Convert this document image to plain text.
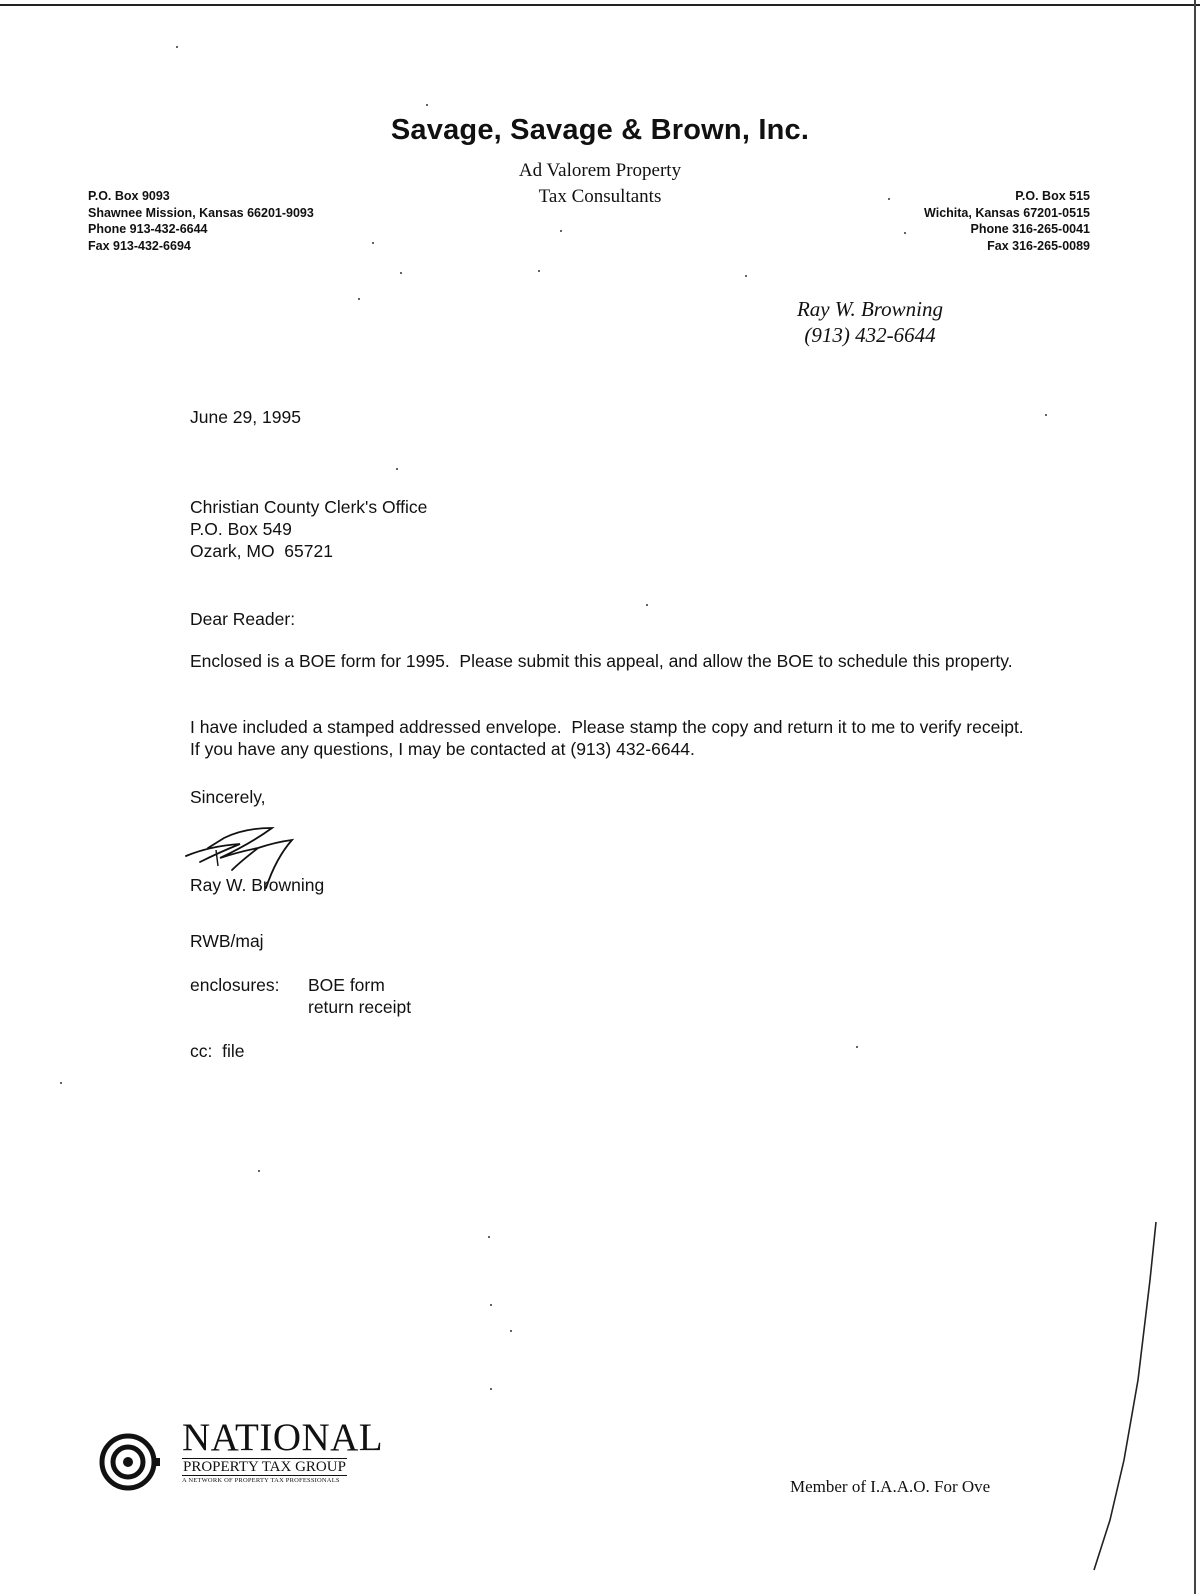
Savage, Savage & Brown, Inc.
Ad Valorem Property
Tax Consultants
P.O. Box 9093
Shawnee Mission, Kansas 66201-9093
Phone 913-432-6644
Fax 913-432-6694
P.O. Box 515
Wichita, Kansas 67201-0515
Phone 316-265-0041
Fax 316-265-0089
Ray W. Browning
(913) 432-6644
June 29, 1995
Christian County Clerk's Office
P.O. Box 549
Ozark, MO  65721
Dear Reader:
Enclosed is a BOE form for 1995.  Please submit this appeal, and allow the BOE to schedule this property.
I have included a stamped addressed envelope.  Please stamp the copy and return it to me to verify receipt.  If you have any questions, I may be contacted at (913) 432-6644.
Sincerely,
Ray W. Browning
RWB/maj
enclosures: BOE form
return receipt
cc:  file
NATIONAL
PROPERTY TAX GROUP
A NETWORK OF PROPERTY TAX PROFESSIONALS	Member of I.A.A.O. For Ove
